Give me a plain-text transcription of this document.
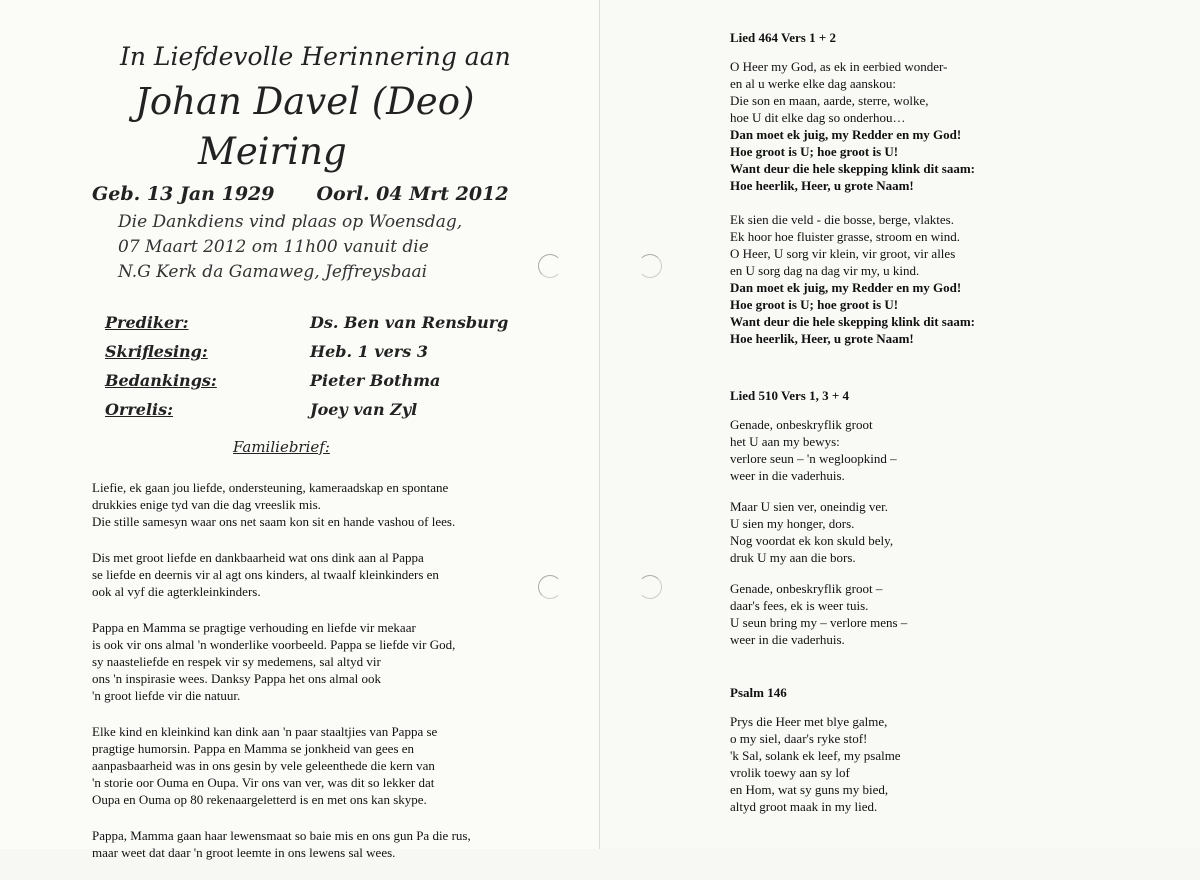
In Liefdevolle Herinnering aan
Johan Davel (Deo)
Meiring
Geb. 13 Jan 1929 Oorl. 04 Mrt 2012
Die Dankdiens vind plaas op Woensdag,
07 Maart 2012 om 11h00 vanuit die
N.G Kerk da Gamaweg, Jeffreysbaai
Prediker:	Ds. Ben van Rensburg
Skriflesing:	Heb. 1 vers 3
Bedankings:	Pieter Bothma
Orrelis:	Joey van Zyl
Familiebrief:

Liefie, ek gaan jou liefde, ondersteuning, kameraadskap en spontane
drukkies enige tyd van die dag vreeslik mis.
Die stille samesyn waar ons net saam kon sit en hande vashou of lees.

Dis met groot liefde en dankbaarheid wat ons dink aan al Pappa
se liefde en deernis vir al agt ons kinders, al twaalf kleinkinders en
ook al vyf die agterkleinkinders.

Pappa en Mamma se pragtige verhouding en liefde vir mekaar
is ook vir ons almal 'n wonderlike voorbeeld. Pappa se liefde vir God,
sy naasteliefde en respek vir sy medemens, sal altyd vir
ons 'n inspirasie wees. Danksy Pappa het ons almal ook
'n groot liefde vir die natuur.

Elke kind en kleinkind kan dink aan 'n paar staaltjies van Pappa se
pragtige humorsin. Pappa en Mamma se jonkheid van gees en
aanpasbaarheid was in ons gesin by vele geleenthede die kern van
'n storie oor Ouma en Oupa. Vir ons van ver, was dit so lekker dat
Oupa en Ouma op 80 rekenaargeletterd is en met ons kan skype.

Pappa, Mamma gaan haar lewensmaat so baie mis en ons gun Pa die rus,
maar weet dat daar 'n groot leemte in ons lewens sal wees.

Lied 464 Vers 1 + 2
O Heer my God, as ek in eerbied wonder-
en al u werke elke dag aanskou:
Die son en maan, aarde, sterre, wolke,
hoe U dit elke dag so onderhou…
Dan moet ek juig, my Redder en my God!
Hoe groot is U; hoe groot is U!
Want deur die hele skepping klink dit saam:
Hoe heerlik, Heer, u grote Naam!
Ek sien die veld - die bosse, berge, vlaktes.
Ek hoor hoe fluister grasse, stroom en wind.
O Heer, U sorg vir klein, vir groot, vir alles
en U sorg dag na dag vir my, u kind.
Dan moet ek juig, my Redder en my God!
Hoe groot is U; hoe groot is U!
Want deur die hele skepping klink dit saam:
Hoe heerlik, Heer, u grote Naam!
Lied 510 Vers 1, 3 + 4
Genade, onbeskryflik groot
het U aan my bewys:
verlore seun – 'n wegloopkind –
weer in die vaderhuis.
Maar U sien ver, oneindig ver.
U sien my honger, dors.
Nog voordat ek kon skuld bely,
druk U my aan die bors.
Genade, onbeskryflik groot –
daar's fees, ek is weer tuis.
U seun bring my – verlore mens –
weer in die vaderhuis.
Psalm 146
Prys die Heer met blye galme,
o my siel, daar's ryke stof!
'k Sal, solank ek leef, my psalme
vrolik toewy aan sy lof
en Hom, wat sy guns my bied,
altyd groot maak in my lied.
